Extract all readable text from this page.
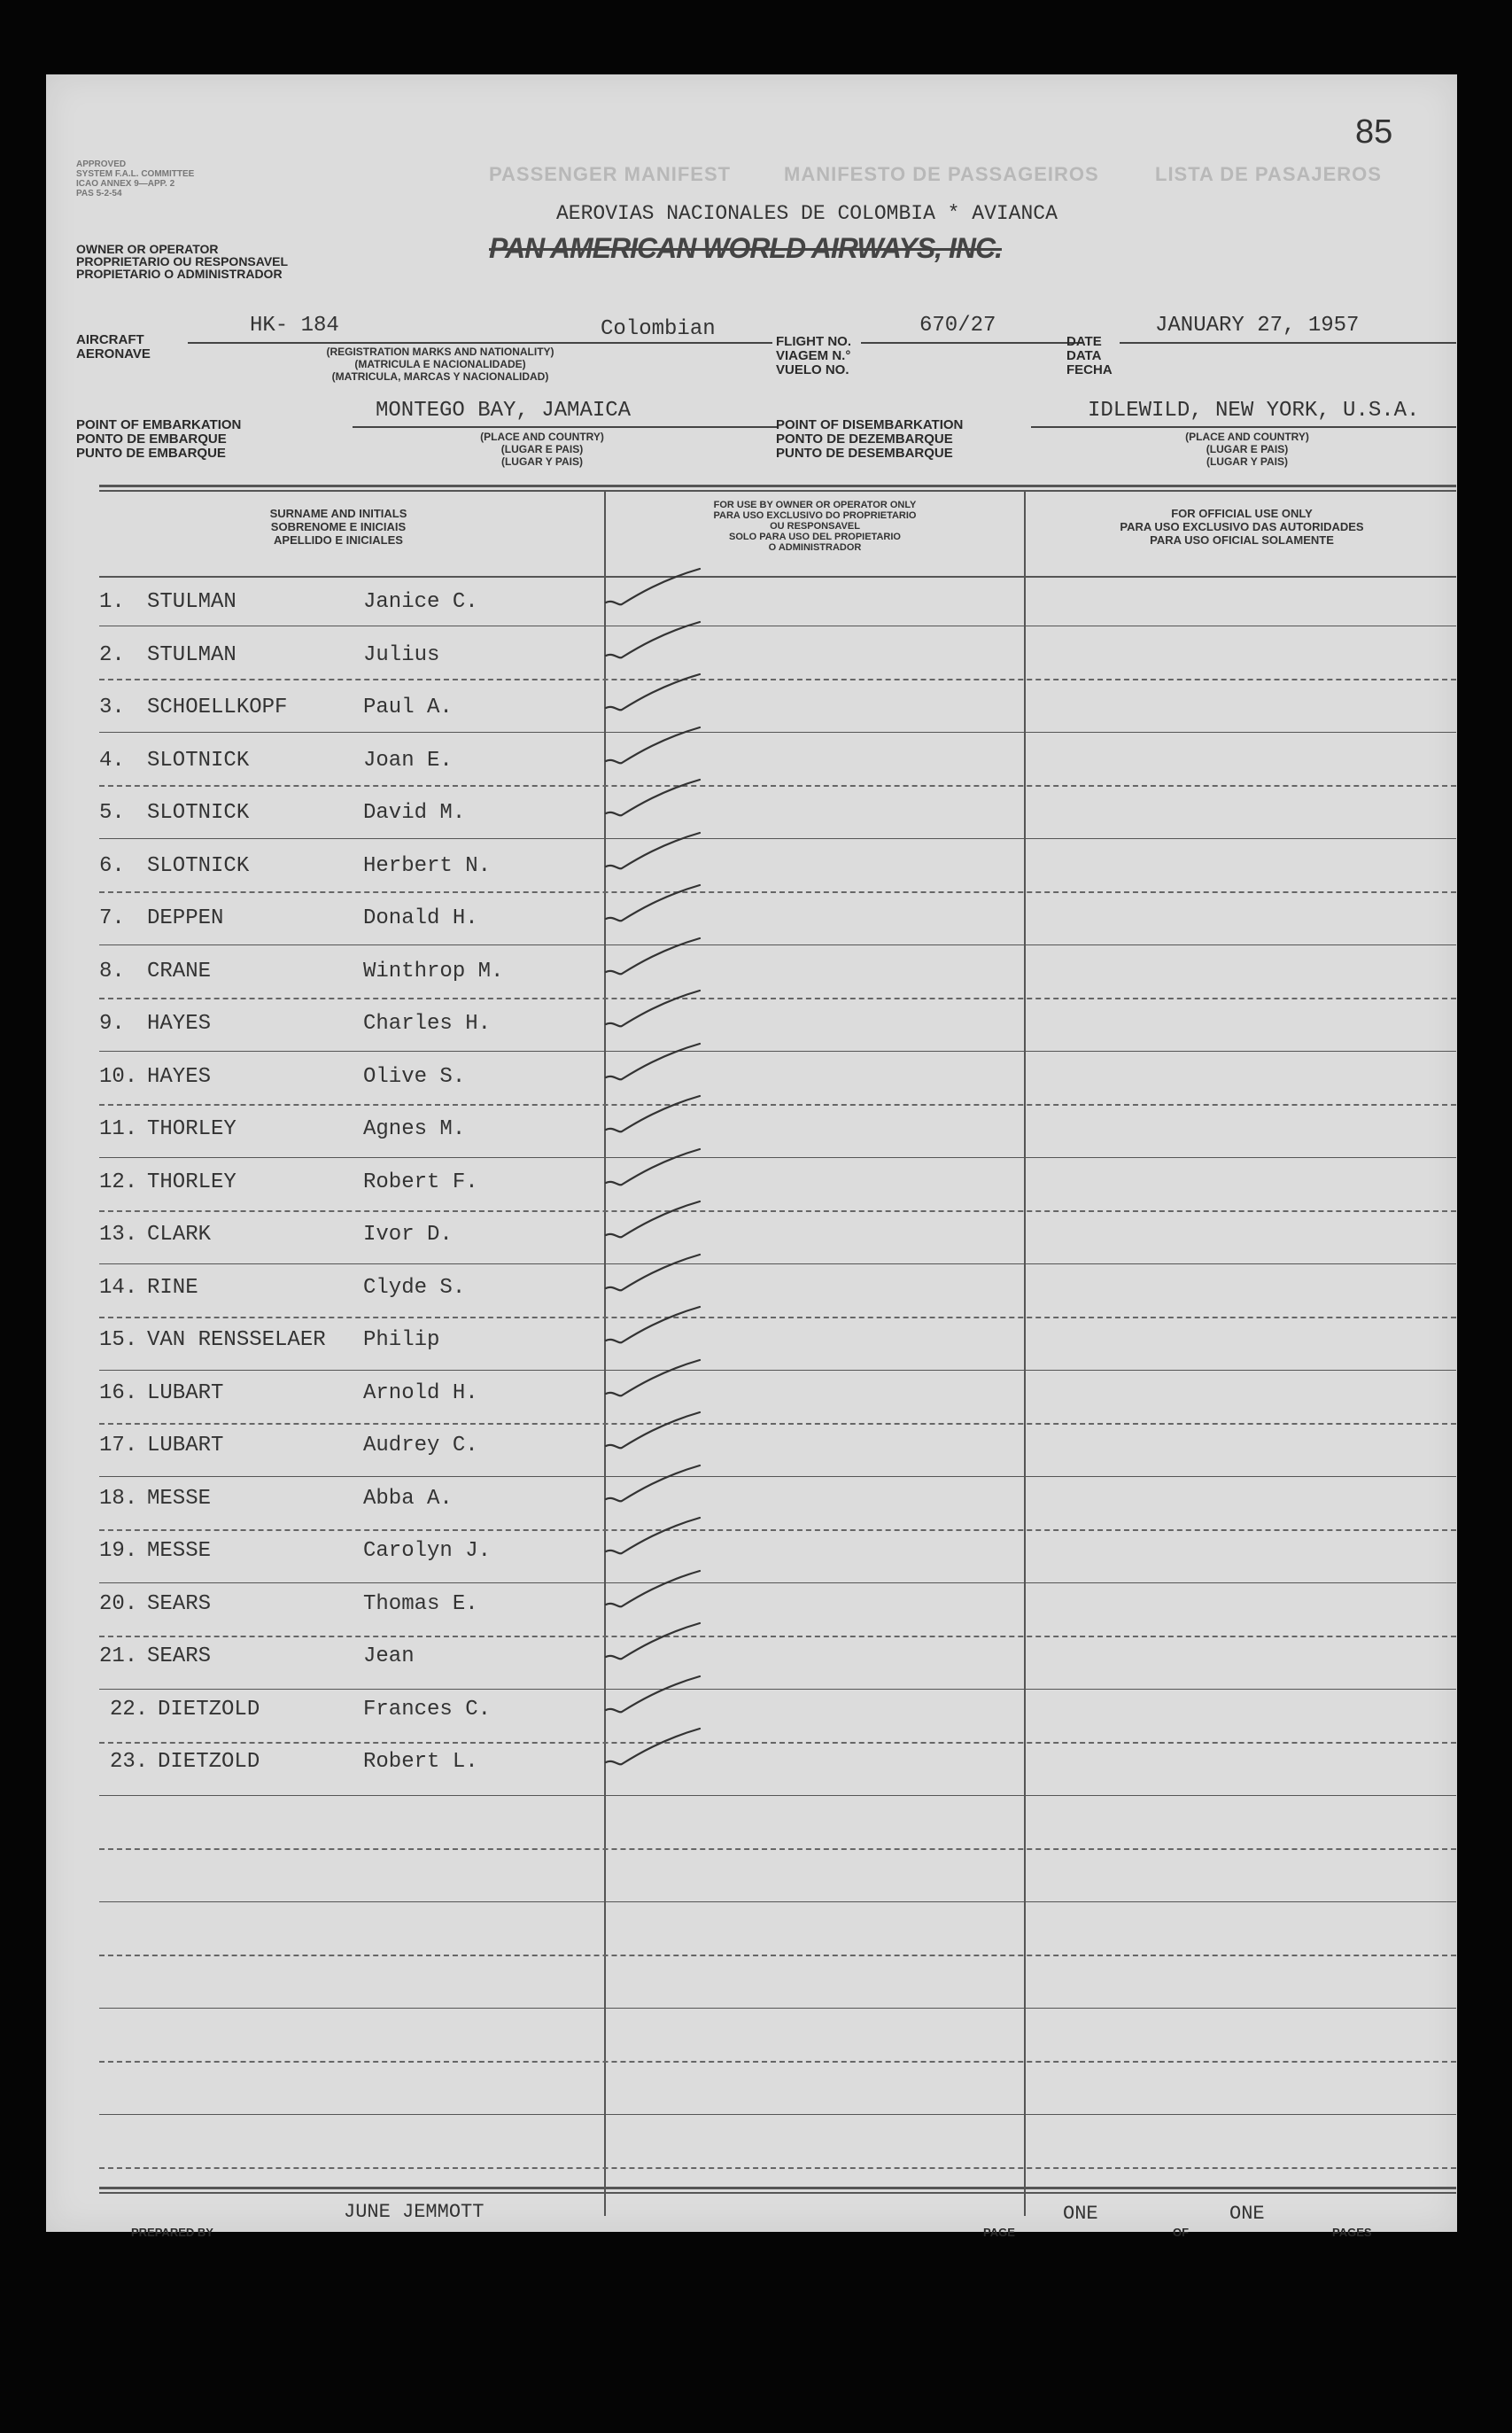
85
APPROVED
SYSTEM F.A.L. COMMITTEE
ICAO ANNEX 9—APP. 2
PAS 5-2-54
PASSENGER MANIFEST	MANIFESTO DE PASSAGEIROS	LISTA DE PASAJEROS
OWNER OR OPERATOR
PROPRIETARIO OU RESPONSAVEL
PROPIETARIO O ADMINISTRADOR
AEROVIAS NACIONALES DE COLOMBIA * AVIANCA
PAN AMERICAN WORLD AIRWAYS, INC.
AIRCRAFT
AERONAVE
HK- 184	Colombian
(REGISTRATION MARKS AND NATIONALITY)
(MATRICULA E NACIONALIDADE)
(MATRICULA, MARCAS Y NACIONALIDAD)
FLIGHT NO.
VIAGEM N.°
VUELO NO.
670/27
DATE
DATA
FECHA
JANUARY 27, 1957
POINT OF EMBARKATION
PONTO DE EMBARQUE
PUNTO DE EMBARQUE
MONTEGO BAY, JAMAICA
(PLACE AND COUNTRY)
(LUGAR E PAIS)
(LUGAR Y PAIS)
POINT OF DISEMBARKATION
PONTO DE DEZEMBARQUE
PUNTO DE DESEMBARQUE
IDLEWILD, NEW YORK, U.S.A.
(PLACE AND COUNTRY)
(LUGAR E PAIS)
(LUGAR Y PAIS)
SURNAME AND INITIALS
SOBRENOME E INICIAIS
APELLIDO E INICIALES
FOR USE BY OWNER OR OPERATOR ONLY
PARA USO EXCLUSIVO DO PROPRIETARIO
OU RESPONSAVEL
SOLO PARA USO DEL PROPIETARIO
O ADMINISTRADOR
FOR OFFICIAL USE ONLY
PARA USO EXCLUSIVO DAS AUTORIDADES
PARA USO OFICIAL SOLAMENTE
1. STULMAN	Janice C.
2. STULMAN	Julius
3. SCHOELLKOPF	Paul A.
4. SLOTNICK	Joan E.
5. SLOTNICK	David M.
6. SLOTNICK	Herbert N.
7. DEPPEN	Donald H.
8. CRANE	Winthrop M.
9. HAYES	Charles H.
10. HAYES	Olive S.
11. THORLEY	Agnes M.
12. THORLEY	Robert F.
13. CLARK	Ivor D.
14. RINE	Clyde S.
15. VAN RENSSELAER Philip
16. LUBART	Arnold H.
17. LUBART	Audrey C.
18. MESSE	Abba A.
19. MESSE	Carolyn J.
20. SEARS	Thomas E.
21. SEARS	Jean
22. DIETZOLD	Frances C.
23. DIETZOLD	Robert L.
PREPARED BY
JUNE JEMMOTT
PAGE
ONE
OF
ONE
PAGES
